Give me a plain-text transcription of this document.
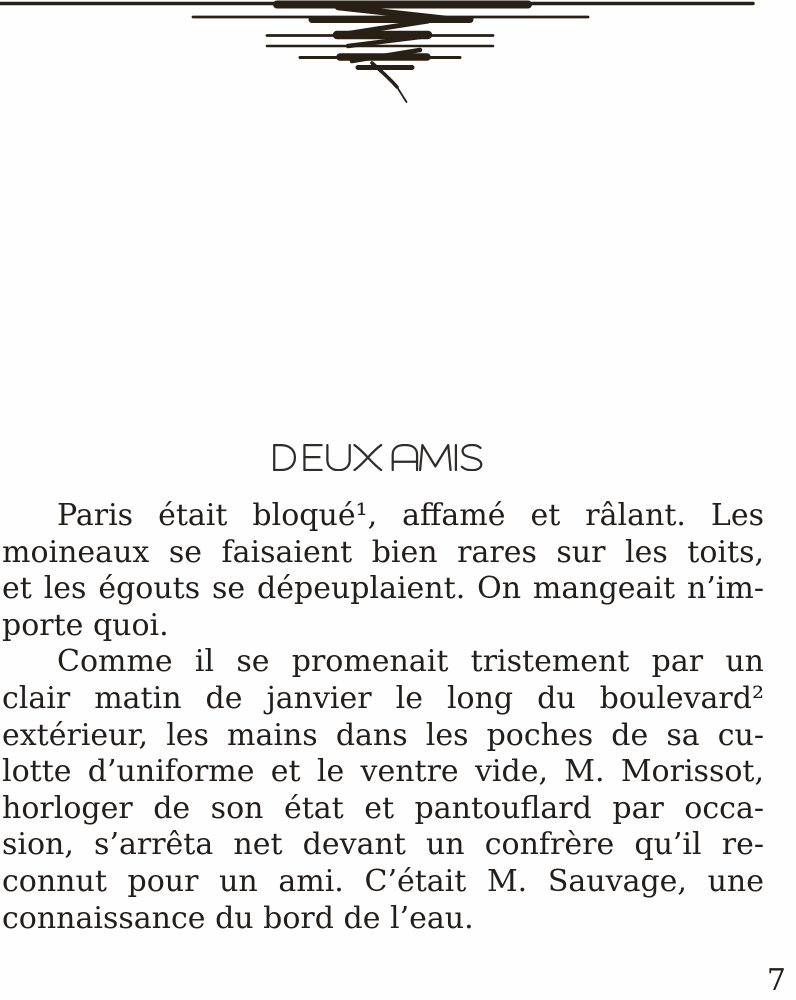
Paris était bloqué¹, affamé et râlant. Les
moineaux se faisaient bien rares sur les toits,
et les égouts se dépeuplaient. On mangeait n’im-
porte quoi.
Comme il se promenait tristement par un
clair matin de janvier le long du boulevard²
extérieur, les mains dans les poches de sa cu-
lotte d’uniforme et le ventre vide, M. Morissot,
horloger de son état et pantouflard par occa-
sion, s’arrêta net devant un confrère qu’il re-
connut pour un ami. C’était M. Sauvage, une
connaissance du bord de l’eau.
7
